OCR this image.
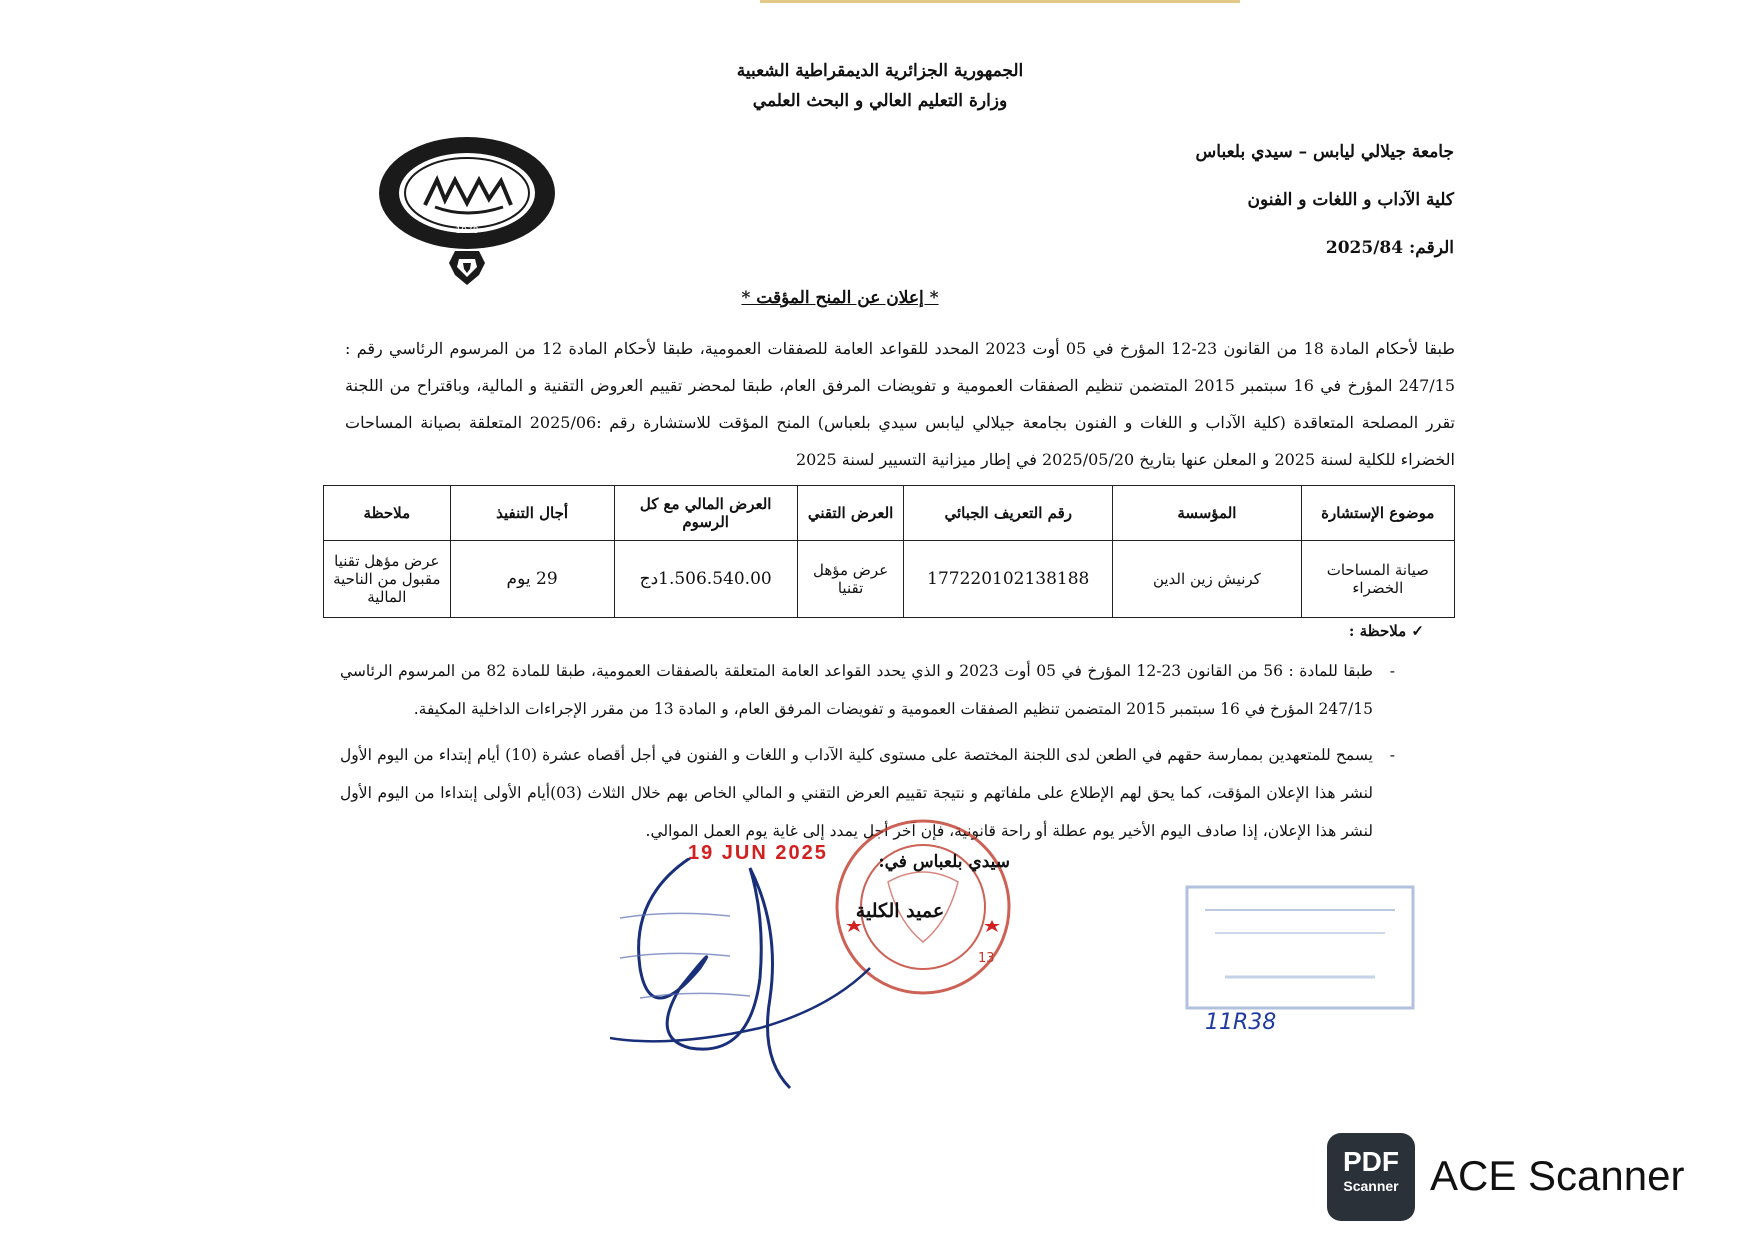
الجمهورية الجزائرية الديمقراطية الشعبية
وزارة التعليم العالي و البحث العلمي
1978
جامعة جيلالي ليابس – سيدي بلعباس
كلية الآداب و اللغات و الفنون
الرقم: 2025/84
* إعلان عن المنح المؤقت *
طبقا لأحكام المادة 18 من القانون 23-12 المؤرخ في 05 أوت 2023 المحدد للقواعد العامة للصفقات العمومية، طبقا لأحكام المادة 12 من المرسوم الرئاسي رقم : 247/15 المؤرخ في 16 سبتمبر 2015 المتضمن تنظيم الصفقات العمومية و تفويضات المرفق العام، طبقا لمحضر تقييم العروض التقنية و المالية، وباقتراح من اللجنة تقرر المصلحة المتعاقدة (كلية الآداب و اللغات و الفنون بجامعة جيلالي ليابس سيدي بلعباس) المنح المؤقت للاستشارة رقم :2025/06 المتعلقة بصيانة المساحات الخضراء للكلية لسنة 2025 و المعلن عنها بتاريخ 2025/05/20 في إطار ميزانية التسيير لسنة 2025
موضوع الإستشارة	المؤسسة	رقم التعريف الجبائي	العرض التقني	العرض المالي مع كل الرسوم	أجال التنفيذ	ملاحظة
صيانة المساحات الخضراء	كرنيش زين الدين	177220102138188	عرض مؤهل تقنيا	1.506.540.00دج	29 يوم	عرض مؤهل تقنيا مقبول من الناحية المالية
✓ ملاحظة :
- طبقا للمادة : 56 من القانون 23-12 المؤرخ في 05 أوت 2023 و الذي يحدد القواعد العامة المتعلقة بالصفقات العمومية، طبقا للمادة 82 من المرسوم الرئاسي 247/15 المؤرخ في 16 سبتمبر 2015 المتضمن تنظيم الصفقات العمومية و تفويضات المرفق العام، و المادة 13 من مقرر الإجراءات الداخلية المكيفة.
- يسمح للمتعهدين بممارسة حقهم في الطعن لدى اللجنة المختصة على مستوى كلية الآداب و اللغات و الفنون في أجل أقصاه عشرة (10) أيام إبتداء من اليوم الأول لنشر هذا الإعلان المؤقت، كما يحق لهم الإطلاع على ملفاتهم و نتيجة تقييم العرض التقني و المالي الخاص بهم خلال الثلاث (03)أيام الأولى إبتداءا من اليوم الأول لنشر هذا الإعلان، إذا صادف اليوم الأخير يوم عطلة أو راحة قانونية، فإن آخر أجل يمدد إلى غاية يوم العمل الموالي.
19 JUN 2025
13
سيدي بلعباس في:
عميد الكلية
11R38
PDF
Scanner ACE Scanner
